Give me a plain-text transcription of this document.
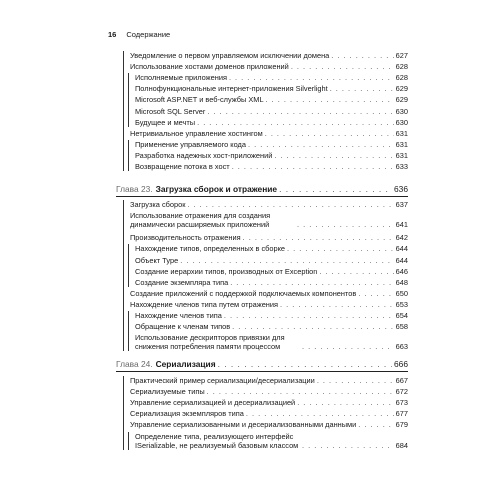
16 Содержание
Уведомление о первом управляемом исключении домена . . .	627
Использование хостами доменов приложений . . .	628
Исполняемые приложения . . .	628
Полнофункциональные интернет-приложения Silverlight . . .	629
Microsoft ASP.NET и веб-службы XML . . .	629
Microsoft SQL Server . . .	630
Будущее и мечты . . .	630
Нетривиальное управление хостингом . . .	631
Применение управляемого кода . . .	631
Разработка надежных хост-приложений . . .	631
Возвращение потока в хост . . .	633
Глава 23. Загрузка сборок и отражение . . .	636
Загрузка сборок . . .	637
Использование отражения для создания динамически расширяемых приложений . . .	641
Производительность отражения . . .	642
Нахождение типов, определенных в сборке . . .	644
Объект Type . . .	644
Создание иерархии типов, производных от Exception . . .	646
Создание экземпляра типа . . .	648
Создание приложений с поддержкой подключаемых компонентов . . .	650
Нахождение членов типа путем отражения . . .	653
Нахождение членов типа . . .	654
Обращение к членам типов . . .	658
Использование дескрипторов привязки для снижения потребления памяти процессом . . .	663
Глава 24. Сериализация . . .	666
Практический пример сериализации/десериализации . . .	667
Сериализуемые типы . . .	672
Управление сериализацией и десериализацией . . .	673
Сериализация экземпляров типа . . .	677
Управление сериализованными и десериализованными данными . . .	679
Определение типа, реализующего интерфейс ISerializable, не реализуемый базовым классом . . .	684
